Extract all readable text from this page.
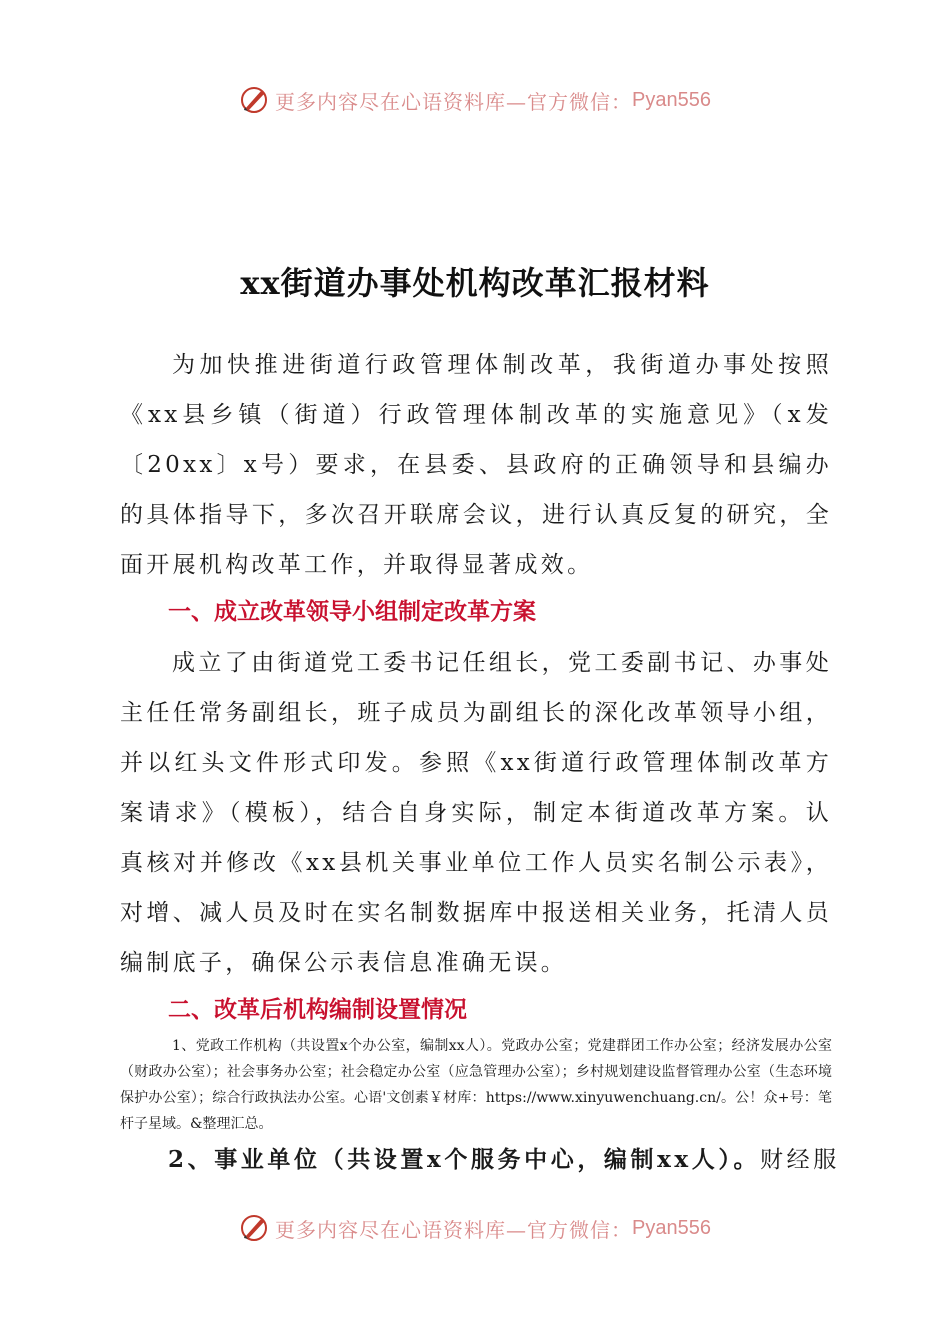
更多内容尽在心语资料库—官方微信： Pyan556
xx街道办事处机构改革汇报材料

为加快推进街道行政管理体制改革，我街道办事处按照《xx县乡镇（街道）行政管理体制改革的实施意见》（x发〔20xx〕x号）要求，在县委、县政府的正确领导和县编办的具体指导下，多次召开联席会议，进行认真反复的研究，全面开展机构改革工作，并取得显著成效。

一、成立改革领导小组制定改革方案

成立了由街道党工委书记任组长，党工委副书记、办事处主任任常务副组长，班子成员为副组长的深化改革领导小组，并以红头文件形式印发。参照《xx街道行政管理体制改革方案请求》（模板），结合自身实际，制定本街道改革方案。认真核对并修改《xx县机关事业单位工作人员实名制公示表》，对增、减人员及时在实名制数据库中报送相关业务，托清人员编制底子，确保公示表信息准确无误。

二、改革后机构编制设置情况

1、党政工作机构（共设置x个办公室，编制xx人）。党政办公室；党建群团工作办公室；经济发展办公室（财政办公室）；社会事务办公室；社会稳定办公室（应急管理办公室）；乡村规划建设监督管理办公室（生态环境保护办公室）；综合行政执法办公室。心语'文创素￥材库：https://www.xinyuwenchuang.cn/。公！众+号：笔杆子星域。&整理汇总。

2、事业单位（共设置x个服务中心，编制xx人）。财经服

更多内容尽在心语资料库—官方微信： Pyan556
